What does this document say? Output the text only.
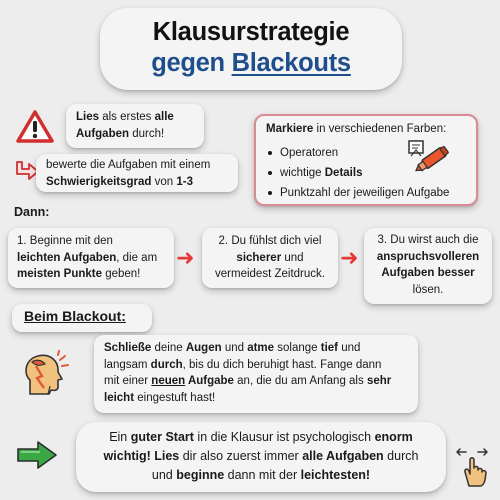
Klausurstrategie
gegen Blackouts
Lies als erstes alle
Aufgaben durch!
bewerte die Aufgaben mit einem
Schwierigkeitsgrad von 1-3
Markiere in verschiedenen Farben:
Operatoren
wichtige Details
Punktzahl der jeweiligen Aufgabe
Dann:
1. Beginne mit den
leichten Aufgaben, die am
meisten Punkte geben!
➜
2. Du fühlst dich viel
sicherer und
vermeidest Zeitdruck.
➜
3. Du wirst auch die
anspruchsvolleren
Aufgaben besser
lösen.
Beim Blackout:
Schließe deine Augen und atme solange tief und
langsam durch, bis du dich beruhigt hast. Fange dann
mit einer neuen Aufgabe an, die du am Anfang als sehr
leicht eingestuft hast!
Ein guter Start in die Klausur ist psychologisch enorm
wichtig! Lies dir also zuerst immer alle Aufgaben durch
und beginne dann mit der leichtesten!
